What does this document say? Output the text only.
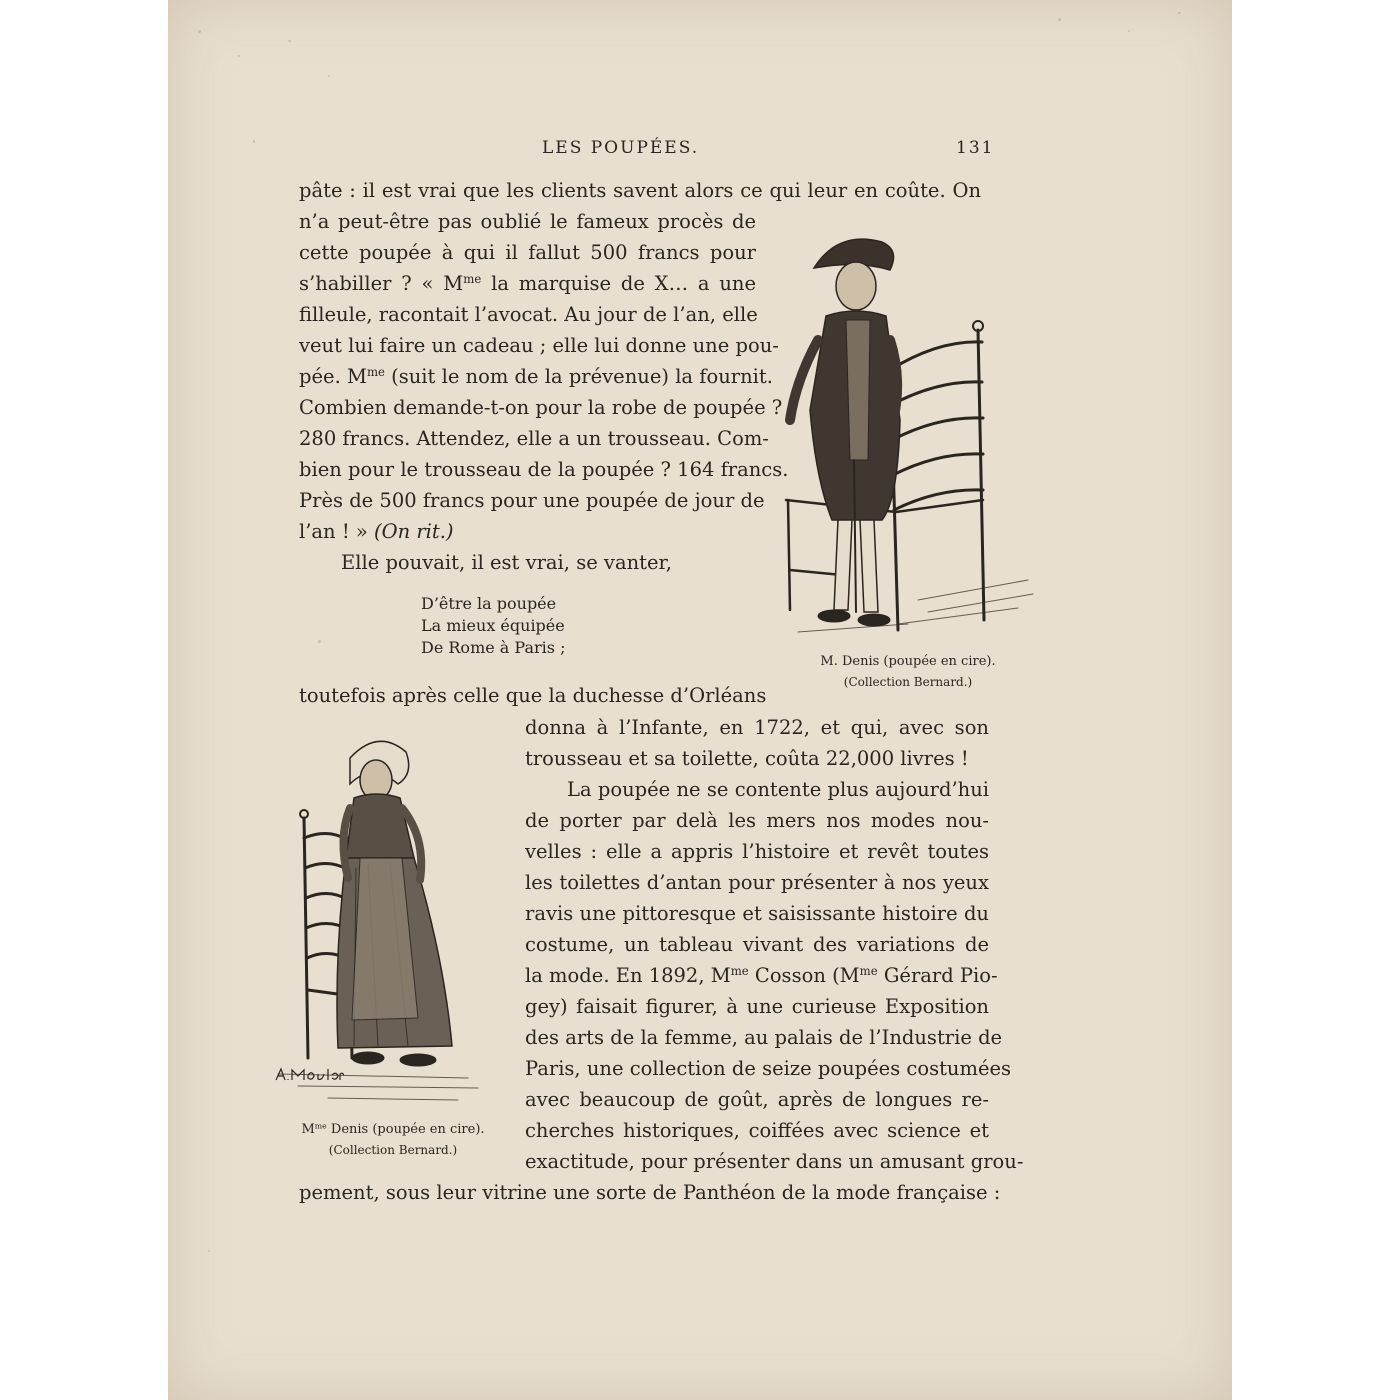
LES POUPÉES.	131
pâte : il est vrai que les clients savent alors ce qui leur en coûte. On
n’a peut-être pas oublié le fameux procès de
cette poupée à qui il fallut 500 francs pour
s’habiller ? « $M^{me}$ la marquise de X… a une
filleule, racontait l’avocat. Au jour de l’an, elle
veut lui faire un cadeau ; elle lui donne une pou-
pée. $M^{me}$ (suit le nom de la prévenue) la fournit.
Combien demande-t-on pour la robe de poupée ?
280 francs. Attendez, elle a un trousseau. Com-
bien pour le trousseau de la poupée ? 164 francs.
Près de 500 francs pour une poupée de jour de
l’an ! » (On rit.)
Elle pouvait, il est vrai, se vanter,
D’être la poupée
La mieux équipée
De Rome à Paris ;
toutefois après celle que la duchesse d’Orléans
donna à l’Infante, en 1722, et qui, avec son
trousseau et sa toilette, coûta 22,000 livres !
La poupée ne se contente plus aujourd’hui
de porter par delà les mers nos modes nou-
velles : elle a appris l’histoire et revêt toutes
les toilettes d’antan pour présenter à nos yeux
ravis une pittoresque et saisissante histoire du
costume, un tableau vivant des variations de
la mode. En 1892, $M^{me}$ Cosson ($M^{me}$ Gérard Pio-
gey) faisait figurer, à une curieuse Exposition
des arts de la femme, au palais de l’Industrie de
Paris, une collection de seize poupées costumées
avec beaucoup de goût, après de longues re-
cherches historiques, coiffées avec science et
exactitude, pour présenter dans un amusant grou-
pement, sous leur vitrine une sorte de Panthéon de la mode française :
M. Denis (poupée en cire).
(Collection Bernard.)
$M^{me}$ Denis (poupée en cire).
(Collection Bernard.)
